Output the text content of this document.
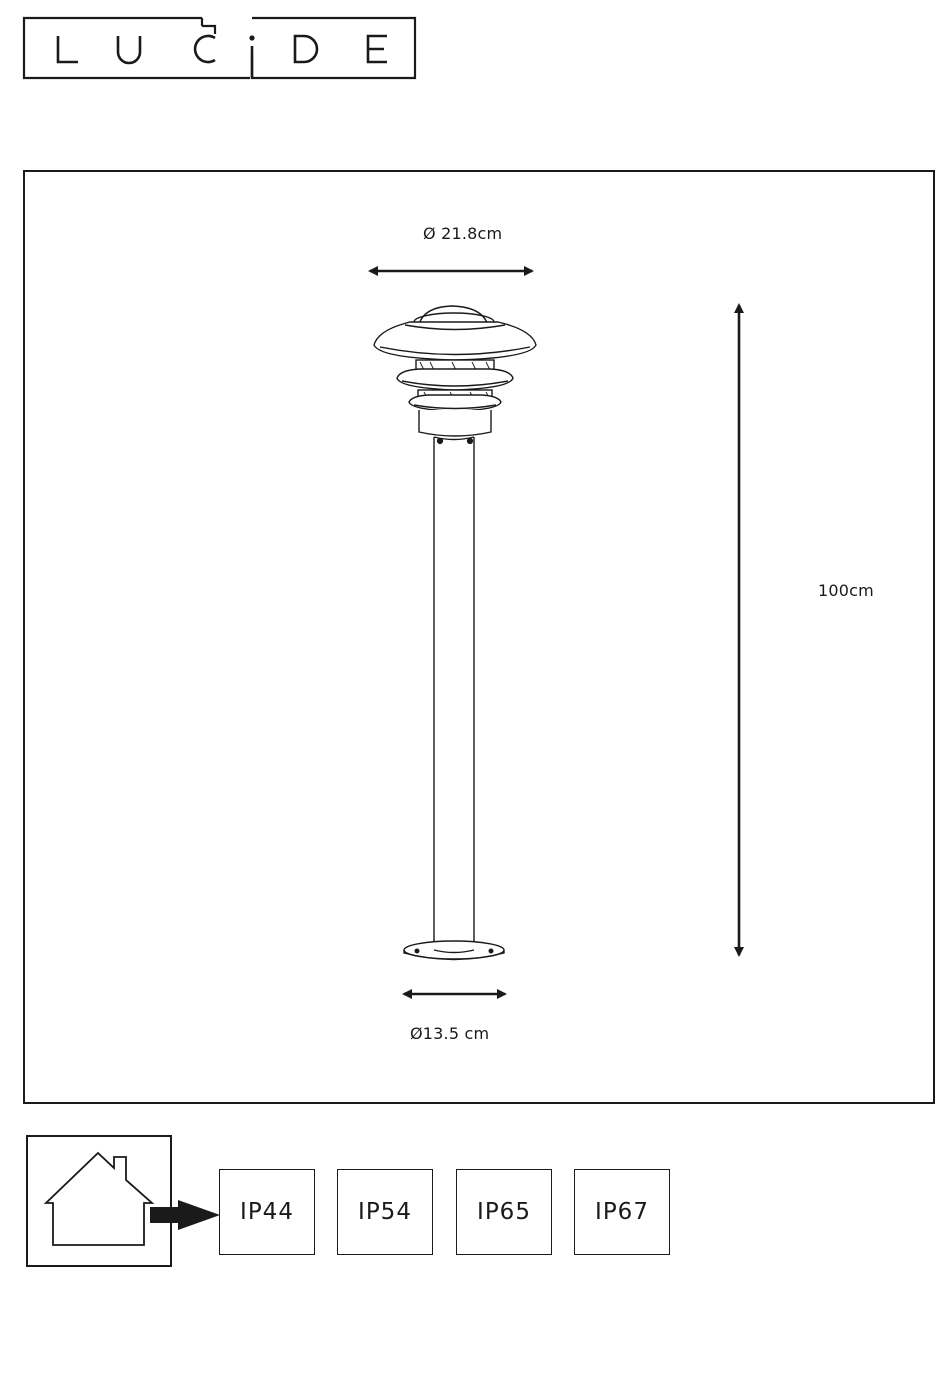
Ø 21.8cm
100cm
Ø13.5 cm
IP44	IP54	IP65	IP67
